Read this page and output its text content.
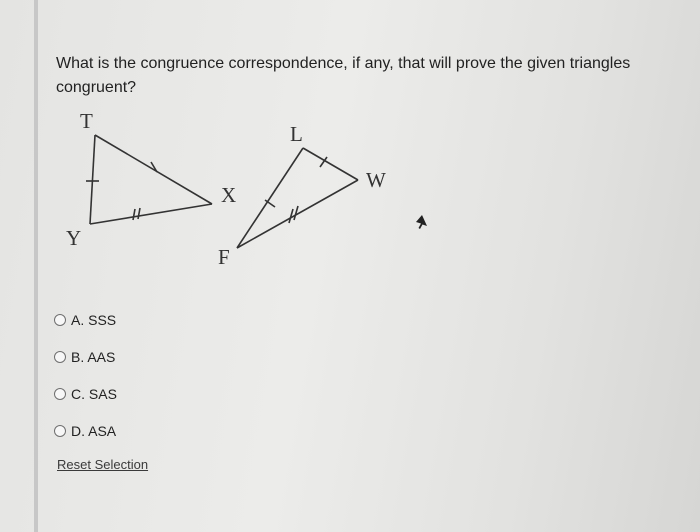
What is the congruence correspondence, if any, that will prove the given triangles congruent?
T
Y
X
L
W
F
A. SSS
B. AAS
C. SAS
D. ASA
Reset Selection
